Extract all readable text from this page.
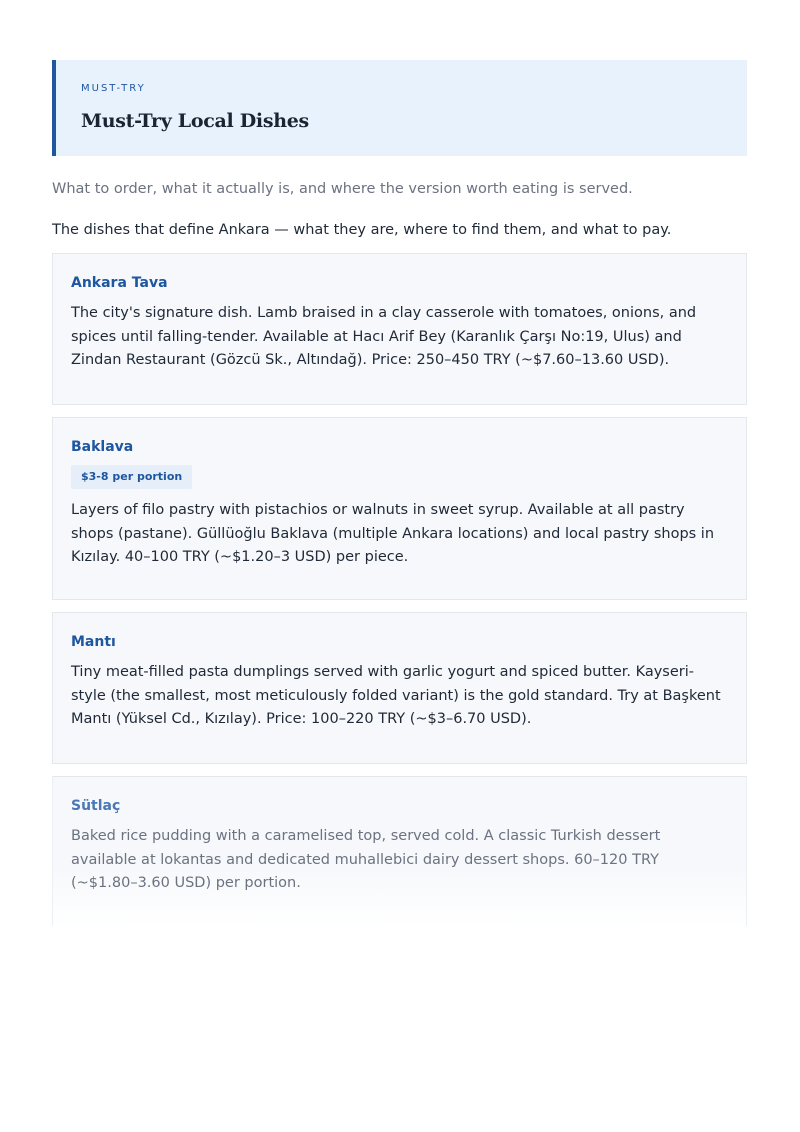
MUST-TRY

Must-Try Local Dishes

What to order, what it actually is, and where the version worth eating is served.

The dishes that define Ankara — what they are, where to find them, and what to pay.

Ankara Tava

The city's signature dish. Lamb braised in a clay casserole with tomatoes, onions, and spices until falling-tender. Available at Hacı Arif Bey (Karanlık Çarşı No:19, Ulus) and Zindan Restaurant (Gözcü Sk., Altındağ). Price: 250–450 TRY (~$7.60–13.60 USD).

Baklava

$3-8 per portion

Layers of filo pastry with pistachios or walnuts in sweet syrup. Available at all pastry shops (pastane). Güllüoğlu Baklava (multiple Ankara locations) and local pastry shops in Kızılay. 40–100 TRY (~$1.20–3 USD) per piece.

Mantı

Tiny meat-filled pasta dumplings served with garlic yogurt and spiced butter. Kayseri-style (the smallest, most meticulously folded variant) is the gold standard. Try at Başkent Mantı (Yüksel Cd., Kızılay). Price: 100–220 TRY (~$3–6.70 USD).

Sütlaç

Baked rice pudding with a caramelised top, served cold. A classic Turkish dessert available at lokantas and dedicated muhallebici dairy dessert shops. 60–120 TRY (~$1.80–3.60 USD) per portion.
